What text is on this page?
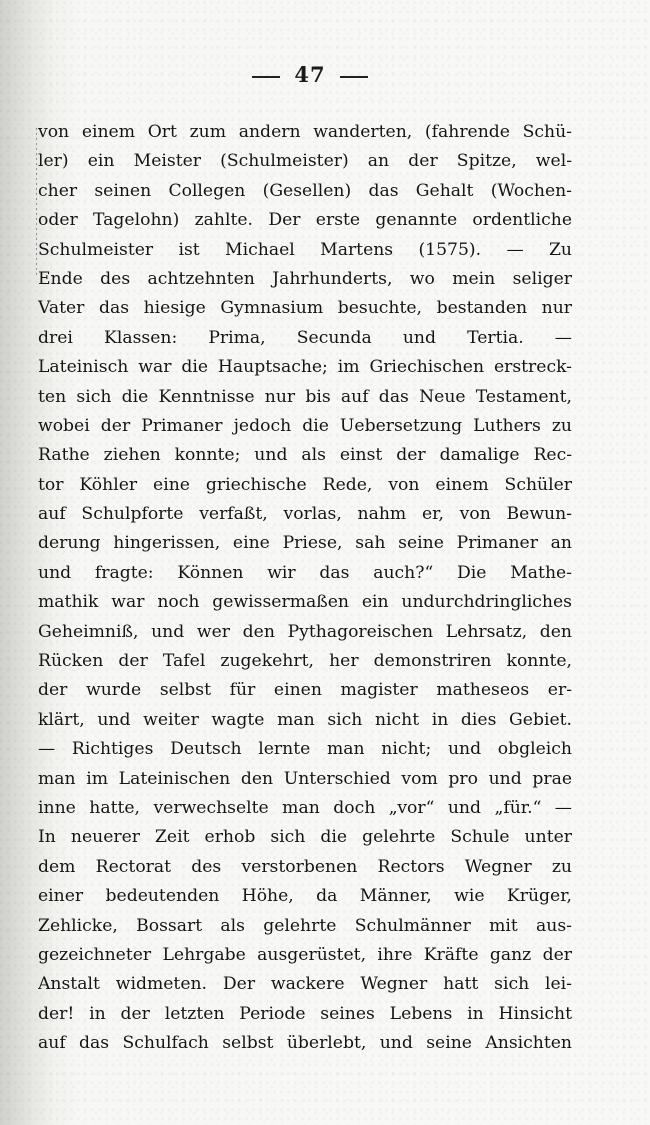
47
von einem Ort zum andern wanderten, (fahrende Schü-
ler) ein Meister (Schulmeister) an der Spitze, wel-
cher seinen Collegen (Gesellen) das Gehalt (Wochen-
oder Tagelohn) zahlte. Der erste genannte ordentliche
Schulmeister ist Michael Martens (1575). — Zu
Ende des achtzehnten Jahrhunderts, wo mein seliger
Vater das hiesige Gymnasium besuchte, bestanden nur
drei Klassen: Prima, Secunda und Tertia. —
Lateinisch war die Hauptsache; im Griechischen erstreck-
ten sich die Kenntnisse nur bis auf das Neue Testament,
wobei der Primaner jedoch die Uebersetzung Luthers zu
Rathe ziehen konnte; und als einst der damalige Rec-
tor Köhler eine griechische Rede, von einem Schüler
auf Schulpforte verfaßt, vorlas, nahm er, von Bewun-
derung hingerissen, eine Priese, sah seine Primaner an
und fragte: Können wir das auch?“ Die Mathe-
mathik war noch gewissermaßen ein undurchdringliches
Geheimniß, und wer den Pythagoreischen Lehrsatz, den
Rücken der Tafel zugekehrt, her demonstriren konnte,
der wurde selbst für einen magister matheseos er-
klärt, und weiter wagte man sich nicht in dies Gebiet.
— Richtiges Deutsch lernte man nicht; und obgleich
man im Lateinischen den Unterschied vom pro und prae
inne hatte, verwechselte man doch „vor“ und „für.“ —
In neuerer Zeit erhob sich die gelehrte Schule unter
dem Rectorat des verstorbenen Rectors Wegner zu
einer bedeutenden Höhe, da Männer, wie Krüger,
Zehlicke, Bossart als gelehrte Schulmänner mit aus-
gezeichneter Lehrgabe ausgerüstet, ihre Kräfte ganz der
Anstalt widmeten. Der wackere Wegner hatt sich lei-
der! in der letzten Periode seines Lebens in Hinsicht
auf das Schulfach selbst überlebt, und seine Ansichten
